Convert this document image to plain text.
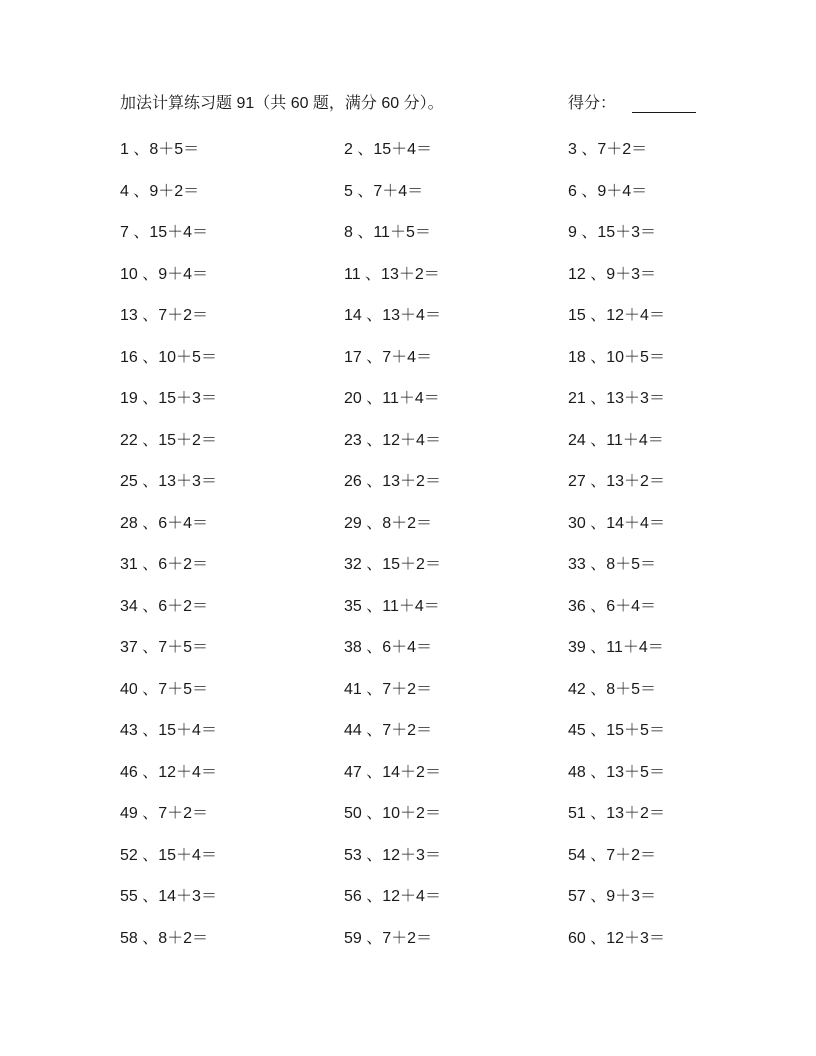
加法计算练习题 91（共 60 题，满分 60 分）。	得分：
1 、8＋5＝	2 、15＋4＝	3 、7＋2＝
4 、9＋2＝	5 、7＋4＝	6 、9＋4＝
7 、15＋4＝	8 、11＋5＝	9 、15＋3＝
10 、9＋4＝	11 、13＋2＝	12 、9＋3＝
13 、7＋2＝	14 、13＋4＝	15 、12＋4＝
16 、10＋5＝	17 、7＋4＝	18 、10＋5＝
19 、15＋3＝	20 、11＋4＝	21 、13＋3＝
22 、15＋2＝	23 、12＋4＝	24 、11＋4＝
25 、13＋3＝	26 、13＋2＝	27 、13＋2＝
28 、6＋4＝	29 、8＋2＝	30 、14＋4＝
31 、6＋2＝	32 、15＋2＝	33 、8＋5＝
34 、6＋2＝	35 、11＋4＝	36 、6＋4＝
37 、7＋5＝	38 、6＋4＝	39 、11＋4＝
40 、7＋5＝	41 、7＋2＝	42 、8＋5＝
43 、15＋4＝	44 、7＋2＝	45 、15＋5＝
46 、12＋4＝	47 、14＋2＝	48 、13＋5＝
49 、7＋2＝	50 、10＋2＝	51 、13＋2＝
52 、15＋4＝	53 、12＋3＝	54 、7＋2＝
55 、14＋3＝	56 、12＋4＝	57 、9＋3＝
58 、8＋2＝	59 、7＋2＝	60 、12＋3＝
